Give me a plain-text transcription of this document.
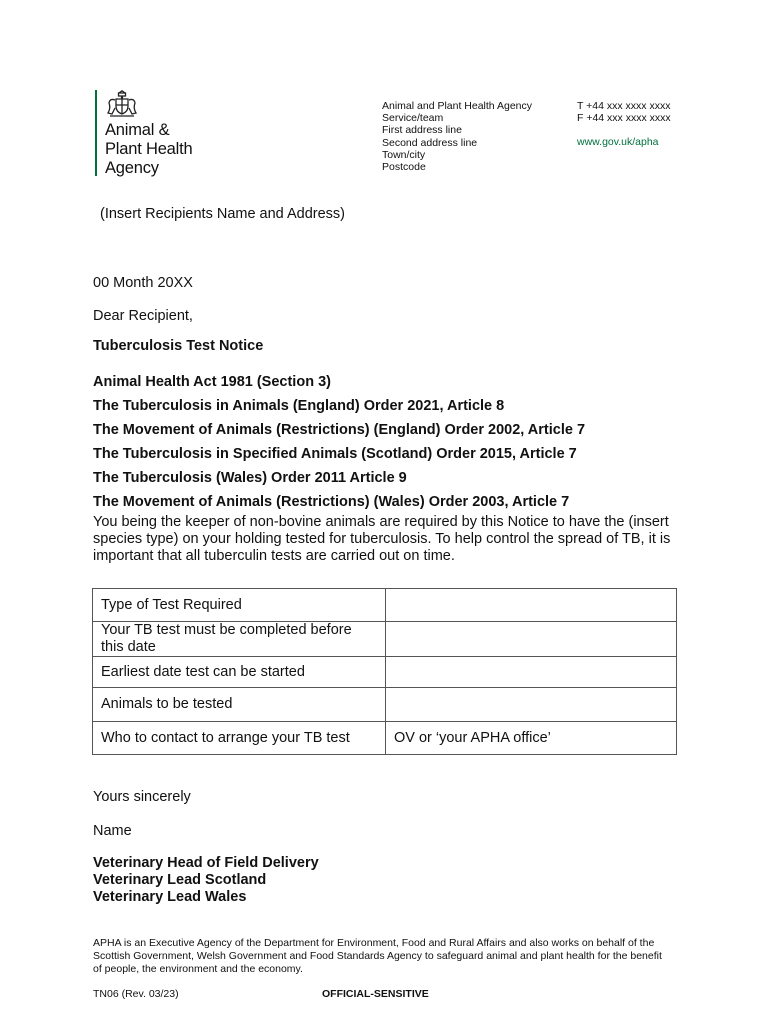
Animal &
Plant Health
Agency
Animal and Plant Health Agency
Service/team
First address line
Second address line
Town/city
Postcode
T +44 xxx xxxx xxxx
F +44 xxx xxxx xxxx
www.gov.uk/apha
(Insert Recipients Name and Address)
00 Month 20XX
Dear Recipient,
Tuberculosis Test Notice
Animal Health Act 1981 (Section 3)
The Tuberculosis in Animals (England) Order 2021, Article 8
The Movement of Animals (Restrictions) (England) Order 2002, Article 7
The Tuberculosis in Specified Animals (Scotland) Order 2015, Article 7
The Tuberculosis (Wales) Order 2011 Article 9
The Movement of Animals (Restrictions) (Wales) Order 2003, Article 7
You being the keeper of non-bovine animals are required by this Notice to have the (insert species type) on your holding tested for tuberculosis. To help control the spread of TB, it is important that all tuberculin tests are carried out on time.
Type of Test Required	
Your TB test must be completed before this date	
Earliest date test can be started	
Animals to be tested	
Who to contact to arrange your TB test	OV or ‘your APHA office’
Yours sincerely
Name
Veterinary Head of Field Delivery
Veterinary Lead Scotland
Veterinary Lead Wales
APHA is an Executive Agency of the Department for Environment, Food and Rural Affairs and also works on behalf of the Scottish Government, Welsh Government and Food Standards Agency to safeguard animal and plant health for the benefit of people, the environment and the economy.
TN06 (Rev. 03/23)	OFFICIAL-SENSITIVE
